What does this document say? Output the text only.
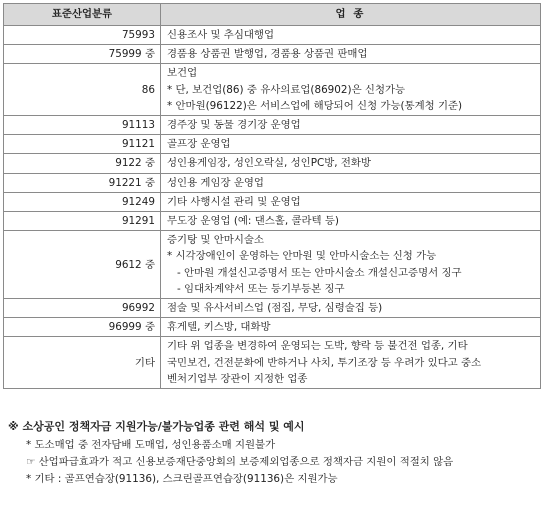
표준산업분류	업 종
75993	신용조사 및 추심대행업

75999 중	경품용 상품권 발행업, 경품용 상품권 판매업

86	보건업
* 단, 보건업(86) 중 유사의료업(86902)은 신청가능
* 안마원(96122)은 서비스업에 해당되어 신청 가능(통계청 기준)

91113	경주장 및 동물 경기장 운영업

91121	골프장 운영업

9122 중	성인용게임장, 성인오락실, 성인PC방, 전화방

91221 중	성인용 게임장 운영업

91249	기타 사행시설 관리 및 운영업

91291	무도장 운영업 (예: 댄스홀, 콜라텍 등)

9612 중	증기탕 및 안마시술소
* 시각장애인이 운영하는 안마원 및 안마시술소는 신청 가능
- 안마원 개설신고증명서 또는 안마시술소 개설신고증명서 징구
- 임대차계약서 또는 등기부등본 징구

96992	점술 및 유사서비스업 (점집, 무당, 심령술집 등)

96999 중	휴게텔, 키스방, 대화방

기타	기타 위 업종을 변경하여 운영되는 도박, 향락 등 불건전 업종, 기타
국민보건, 건전문화에 반하거나 사치, 투기조장 등 우려가 있다고 중소
벤처기업부 장관이 지정한 업종
※ 소상공인 정책자금 지원가능/불가능업종 관련 해석 및 예시
* 도소매업 중 전자담배 도매업, 성인용품소매 지원불가
☞ 산업파급효과가 적고 신용보증재단중앙회의 보증제외업종으로 정책자금 지원이 적절치 않음
* 기타 : 골프연습장(91136), 스크린골프연습장(91136)은 지원가능
